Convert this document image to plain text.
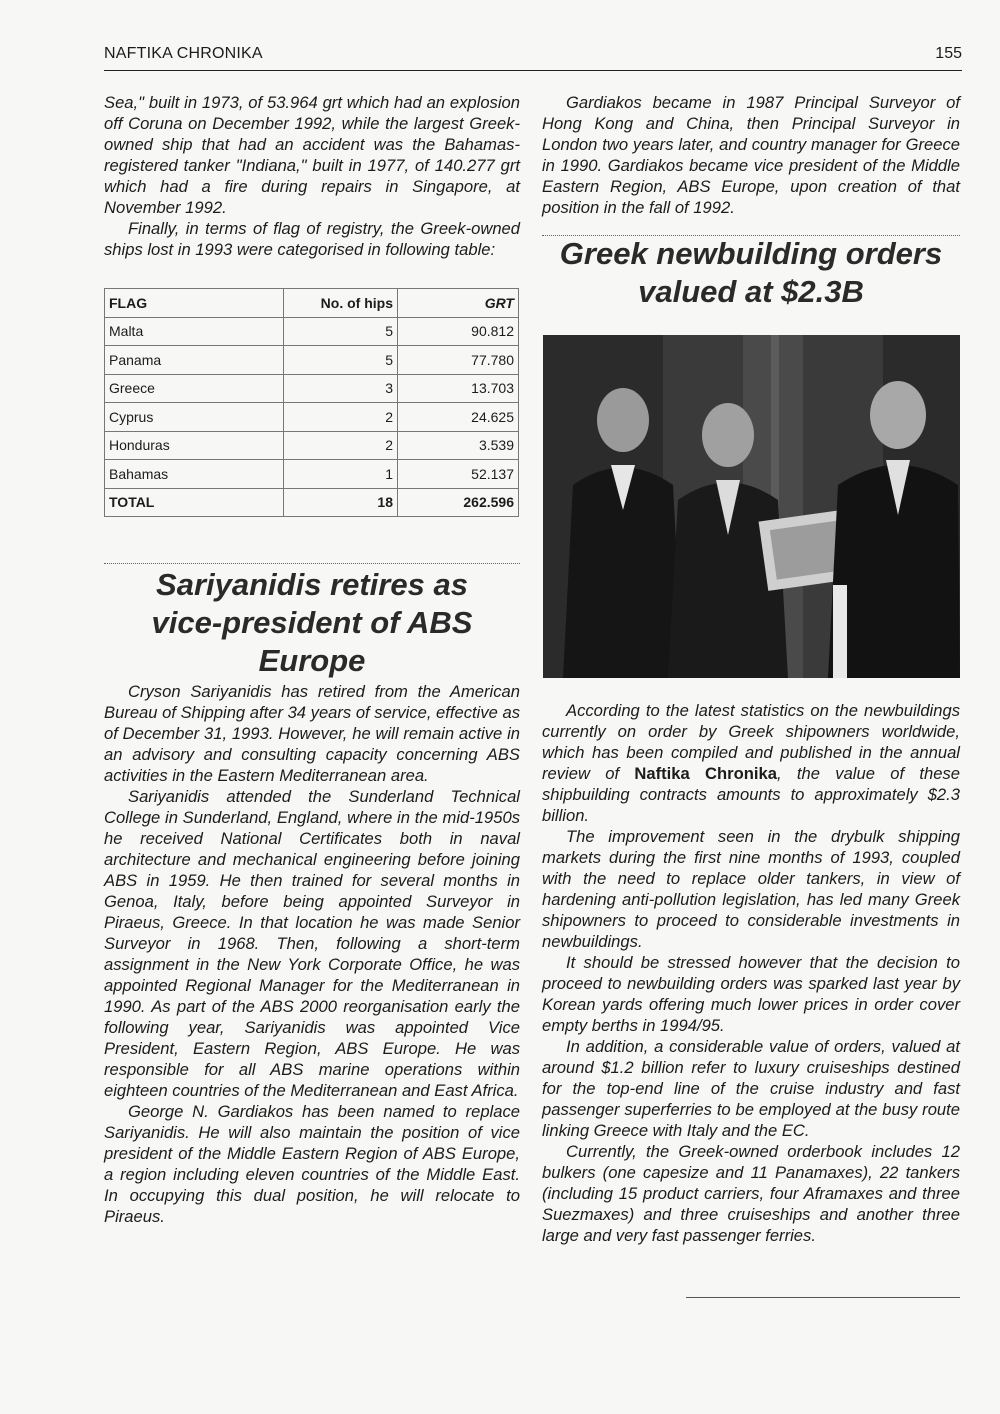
NAFTIKA CHRONIKA	155

Sea," built in 1973, of 53.964 grt which had an explosion off Coruna on December 1992, while the largest Greek-owned ship that had an accident was the Bahamas-registered tanker "Indiana," built in 1977, of 140.277 grt which had a fire during repairs in Singapore, at November 1992.

Finally, in terms of flag of registry, the Greek-owned ships lost in 1993 were categorised in following table:

FLAG	No. of hips	GRT
Malta	5	90.812
Panama	5	77.780
Greece	3	13.703
Cyprus	2	24.625
Honduras	2	3.539
Bahamas	1	52.137
TOTAL	18	262.596
Sariyanidis retires as
vice-president of ABS
Europe

Cryson Sariyanidis has retired from the American Bureau of Shipping after 34 years of service, effective as of December 31, 1993. However, he will remain active in an advisory and consulting capacity concerning ABS activities in the Eastern Mediterranean area.

Sariyanidis attended the Sunderland Technical College in Sunderland, England, where in the mid-1950s he received National Certificates both in naval architecture and mechanical engineering before joining ABS in 1959. He then trained for several months in Genoa, Italy, before being appointed Surveyor in Piraeus, Greece. In that location he was made Senior Surveyor in 1968. Then, following a short-term assignment in the New York Corporate Office, he was appointed Regional Manager for the Mediterranean in 1990. As part of the ABS 2000 reorganisation early the following year, Sariyanidis was appointed Vice President, Eastern Region, ABS Europe. He was responsible for all ABS marine operations within eighteen countries of the Mediterranean and East Africa.

George N. Gardiakos has been named to replace Sariyanidis. He will also maintain the position of vice president of the Middle Eastern Region of ABS Europe, a region including eleven countries of the Middle East. In occupying this dual position, he will relocate to Piraeus.

Gardiakos became in 1987 Principal Surveyor of Hong Kong and China, then Principal Surveyor in London two years later, and country manager for Greece in 1990. Gardiakos became vice president of the Middle Eastern Region, ABS Europe, upon creation of that position in the fall of 1992.

Greek newbuilding orders
valued at $2.3B

According to the latest statistics on the newbuildings currently on order by Greek shipowners worldwide, which has been compiled and published in the annual review of Naftika Chronika, the value of these shipbuilding contracts amounts to approximately $2.3 billion.

The improvement seen in the drybulk shipping markets during the first nine months of 1993, coupled with the need to replace older tankers, in view of hardening anti-pollution legislation, has led many Greek shipowners to proceed to considerable investments in newbuildings.

It should be stressed however that the decision to proceed to newbuilding orders was sparked last year by Korean yards offering much lower prices in order cover empty berths in 1994/95.

In addition, a considerable value of orders, valued at around $1.2 billion refer to luxury cruiseships destined for the top-end line of the cruise industry and fast passenger superferries to be employed at the busy route linking Greece with Italy and the EC.

Currently, the Greek-owned orderbook includes 12 bulkers (one capesize and 11 Panamaxes), 22 tankers (including 15 product carriers, four Aframaxes and three Suezmaxes) and three cruiseships and another three large and very fast passenger ferries.
